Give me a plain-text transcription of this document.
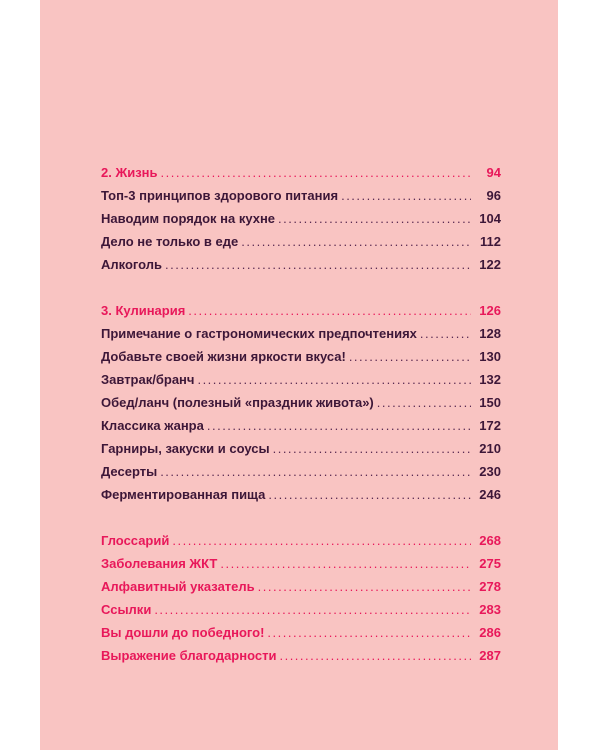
2. Жизнь .....	94
Топ-3 принципов здорового питания .....	96
Наводим порядок на кухне .....	104
Дело не только в еде .....	112
Алкоголь .....	122
3. Кулинария .....	126
Примечание о гастрономических предпочтениях .....	128
Добавьте своей жизни яркости вкуса! .....	130
Завтрак/бранч .....	132
Обед/ланч (полезный «праздник живота») .....	150
Классика жанра .....	172
Гарниры, закуски и соусы .....	210
Десерты .....	230
Ферментированная пища .....	246
Глоссарий .....	268
Заболевания ЖКТ .....	275
Алфавитный указатель .....	278
Ссылки .....	283
Вы дошли до победного! .....	286
Выражение благодарности .....	287
